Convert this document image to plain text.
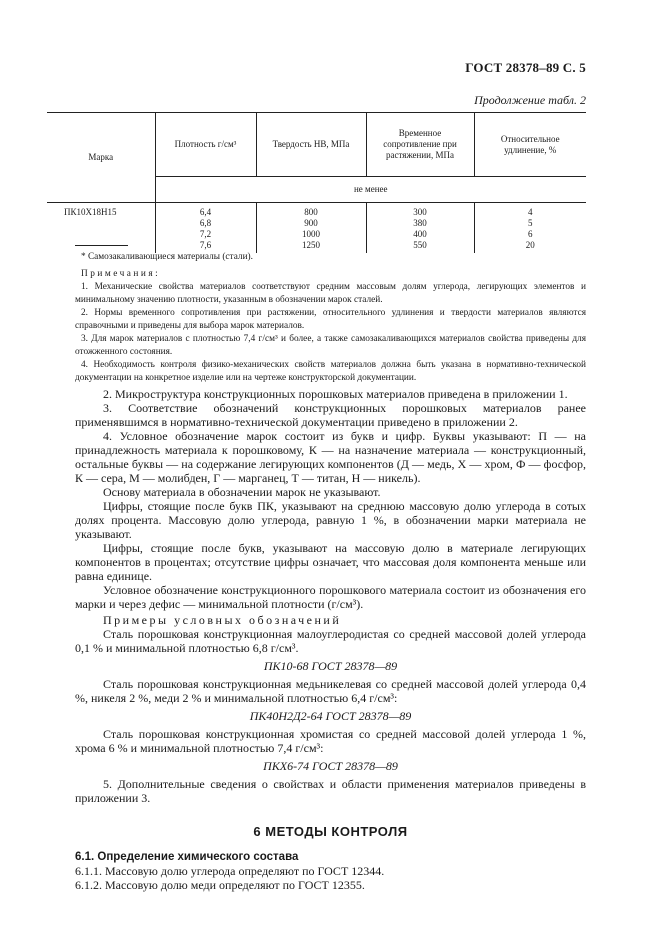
ГОСТ 28378–89 С. 5
Продолжение табл. 2
Марка	Плотность г/см³	Твердость НВ, МПа	Временное сопротивление при растяжении, МПа	Относительное удлинение, %
	не менее			
ПК10Х18Н15	6,4	800	300	4
	6,8	900	380	5
	7,2	1000	400	6
	7,6	1250	550	20

* Самозакаливающиеся материалы (стали).

Примечания:

1. Механические свойства материалов соответствуют средним массовым долям углерода, легирующих элементов и минимальному значению плотности, указанным в обозначении марок сталей.

2. Нормы временного сопротивления при растяжении, относительного удлинения и твердости материалов являются справочными и приведены для выбора марок материалов.

3. Для марок материалов с плотностью 7,4 г/см³ и более, а также самозакаливающихся материалов свойства приведены для отожженного состояния.

4. Необходимость контроля физико-механических свойств материалов должна быть указана в нормативно-технической документации на конкретное изделие или на чертеже конструкторской документации.

2. Микроструктура конструкционных порошковых материалов приведена в приложении 1.

3. Соответствие обозначений конструкционных порошковых материалов ранее применявшимся в нормативно-технической документации приведено в приложении 2.

4. Условное обозначение марок состоит из букв и цифр. Буквы указывают: П — на принадлежность материала к порошковому, К — на назначение материала — конструкционный, остальные буквы — на содержание легирующих компонентов (Д — медь, Х — хром, Ф — фосфор, К — сера, М — молибден, Г — марганец, Т — титан, Н — никель).

Основу материала в обозначении марок не указывают.

Цифры, стоящие после букв ПК, указывают на среднюю массовую долю углерода в сотых долях процента. Массовую долю углерода, равную 1 %, в обозначении марки материала не указывают.

Цифры, стоящие после букв, указывают на массовую долю в материале легирующих компонентов в процентах; отсутствие цифры означает, что массовая доля компонента меньше или равна единице.

Условное обозначение конструкционного порошкового материала состоит из обозначения его марки и через дефис — минимальной плотности (г/см³).

Примеры условных обозначений

Сталь порошковая конструкционная малоуглеродистая со средней массовой долей углерода 0,1 % и минимальной плотностью 6,8 г/см³.

ПК10-68 ГОСТ 28378—89

Сталь порошковая конструкционная медьникелевая со средней массовой долей углерода 0,4 %, никеля 2 %, меди 2 % и минимальной плотностью 6,4 г/см³:

ПК40Н2Д2-64 ГОСТ 28378—89

Сталь порошковая конструкционная хромистая со средней массовой долей углерода 1 %, хрома 6 % и минимальной плотностью 7,4 г/см³:

ПКХ6-74 ГОСТ 28378—89

5. Дополнительные сведения о свойствах и области применения материалов приведены в приложении 3.

6 МЕТОДЫ КОНТРОЛЯ

6.1. Определение химического состава

6.1.1. Массовую долю углерода определяют по ГОСТ 12344.

6.1.2. Массовую долю меди определяют по ГОСТ 12355.
